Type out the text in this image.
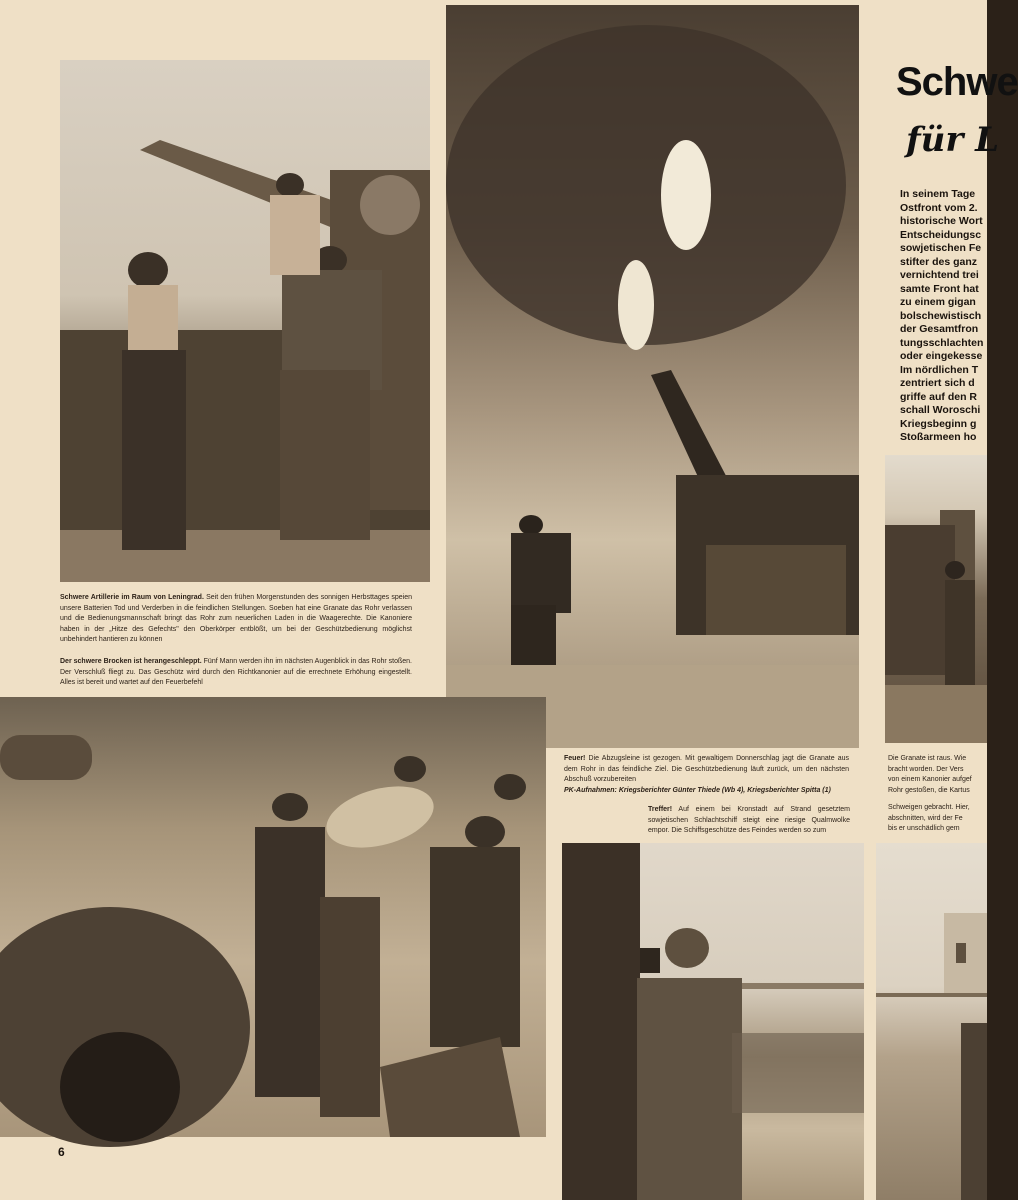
Schwere Artillerie im Raum von Leningrad. Seit den frühen Morgenstunden des sonnigen Herbsttages speien unsere Batterien Tod und Verderben in die feindlichen Stellungen. Soeben hat eine Granate das Rohr verlassen und die Bedienungsmannschaft bringt das Rohr zum neuerlichen Laden in die Waagerechte. Die Kanoniere haben in der „Hitze des Gefechts" den Oberkörper entblößt, um bei der Geschützbedienung möglichst unbehindert hantieren zu können
Der schwere Brocken ist herangeschleppt. Fünf Mann werden ihn im nächsten Augenblick in das Rohr stoßen. Der Verschluß fliegt zu. Das Geschütz wird durch den Richtkanonier auf die errechnete Erhöhung eingestellt. Alles ist bereit und wartet auf den Feuerbefehl
Feuer! Die Abzugsleine ist gezogen. Mit gewaltigem Donnerschlag jagt die Granate aus dem Rohr in das feindliche Ziel. Die Geschützbedienung läuft zurück, um den nächsten Abschuß vorzubereiten
PK-Aufnahmen: Kriegsberichter Günter Thiede (Wb 4), Kriegsberichter Spitta (1)
Treffer! Auf einem bei Kronstadt auf Strand gesetztem sowjetischen Schlachtschiff steigt eine riesige Qualmwolke empor. Die Schiffsgeschütze des Feindes werden so zum
Die Granate ist raus. Wie
bracht worden. Der Vers
von einem Kanonier aufgef
Rohr gestoßen, die Kartus
Schweigen gebracht. Hier,
abschnitten, wird der Fe
bis er unschädlich gem
Schwe
für L
In seinem Tage
Ostfront vom 2.
historische Wort
Entscheidungsc
sowjetischen Fe
stifter des ganz
vernichtend trei
samte Front hat
zu einem gigan
bolschewistisch
der Gesamtfron
tungsschlachten
oder eingekesse
Im nördlichen T
zentriert sich d
griffe auf den R
schall Woroschi
Kriegsbeginn g
Stoßarmeen ho
6
